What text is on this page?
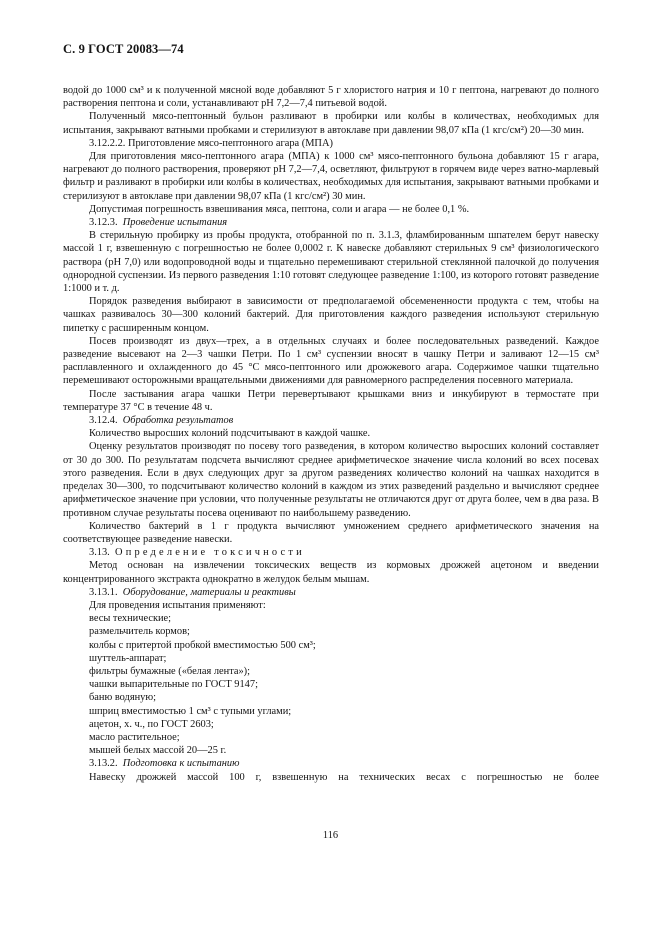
С. 9 ГОСТ 20083—74

водой до 1000 см³ и к полученной мясной воде добавляют 5 г хлористого натрия и 10 г пептона, нагревают до полного растворения пептона и соли, устанавливают pH 7,2—7,4 питьевой водой.

Полученный мясо-пептонный бульон разливают в пробирки или колбы в количествах, необходимых для испытания, закрывают ватными пробками и стерилизуют в автоклаве при давлении 98,07 кПа (1 кгс/см²) 20—30 мин.

3.12.2.2. Приготовление мясо-пептонного агара (МПА)

Для приготовления мясо-пептонного агара (МПА) к 1000 см³ мясо-пептонного бульона добавляют 15 г агара, нагревают до полного растворения, проверяют pH 7,2—7,4, осветляют, фильтруют в горячем виде через ватно-марлевый фильтр и разливают в пробирки или колбы в количествах, необходимых для испытания, закрывают ватными пробками и стерилизуют в автоклаве при давлении 98,07 кПа (1 кгс/см²) 30 мин.

Допустимая погрешность взвешивания мяса, пептона, соли и агара — не более 0,1 %.

3.12.3. Проведение испытания

В стерильную пробирку из пробы продукта, отобранной по п. 3.1.3, фламбированным шпателем берут навеску массой 1 г, взвешенную с погрешностью не более 0,0002 г. К навеске добавляют стерильных 9 см³ физиологического раствора (pH 7,0) или водопроводной воды и тщательно перемешивают стерильной стеклянной палочкой до получения однородной суспензии. Из первого разведения 1:10 готовят следующее разведение 1:100, из которого готовят разведение 1:1000 и т. д.

Порядок разведения выбирают в зависимости от предполагаемой обсемененности продукта с тем, чтобы на чашках развивалось 30—300 колоний бактерий. Для приготовления каждого разведения используют стерильную пипетку с расширенным концом.

Посев производят из двух—трех, а в отдельных случаях и более последовательных разведений. Каждое разведение высевают на 2—3 чашки Петри. По 1 см³ суспензии вносят в чашку Петри и заливают 12—15 см³ расплавленного и охлажденного до 45 °С мясо-пептонного или дрожжевого агара. Содержимое чашки тщательно перемешивают осторожными вращательными движениями для равномерного распределения посевного материала.

После застывания агара чашки Петри перевертывают крышками вниз и инкубируют в термостате при температуре 37 °С в течение 48 ч.

3.12.4. Обработка результатов

Количество выросших колоний подсчитывают в каждой чашке.

Оценку результатов производят по посеву того разведения, в котором количество выросших колоний составляет от 30 до 300. По результатам подсчета вычисляют среднее арифметическое значение числа колоний во всех посевах этого разведения. Если в двух следующих друг за другом разведениях количество колоний на чашках находится в пределах 30—300, то подсчитывают количество колоний в каждом из этих разведений раздельно и вычисляют среднее арифметическое значение при условии, что полученные результаты не отличаются друг от друга более, чем в два раза. В противном случае результаты посева оценивают по наибольшему разведению.

Количество бактерий в 1 г продукта вычисляют умножением среднего арифметического значения на соответствующее разведение навески.

3.13. Определение токсичности

Метод основан на извлечении токсических веществ из кормовых дрожжей ацетоном и введении концентрированного экстракта однократно в желудок белым мышам.

3.13.1. Оборудование, материалы и реактивы

Для проведения испытания применяют:

весы технические;

размельчитель кормов;

колбы с притертой пробкой вместимостью 500 см³;

шуттель-аппарат;

фильтры бумажные («белая лента»);

чашки выпарительные по ГОСТ 9147;

баню водяную;

шприц вместимостью 1 см³ с тупыми углами;

ацетон, х. ч., по ГОСТ 2603;

масло растительное;

мышей белых массой 20—25 г.

3.13.2. Подготовка к испытанию

Навеску дрожжей массой 100 г, взвешенную на технических весах с погрешностью не более

116
